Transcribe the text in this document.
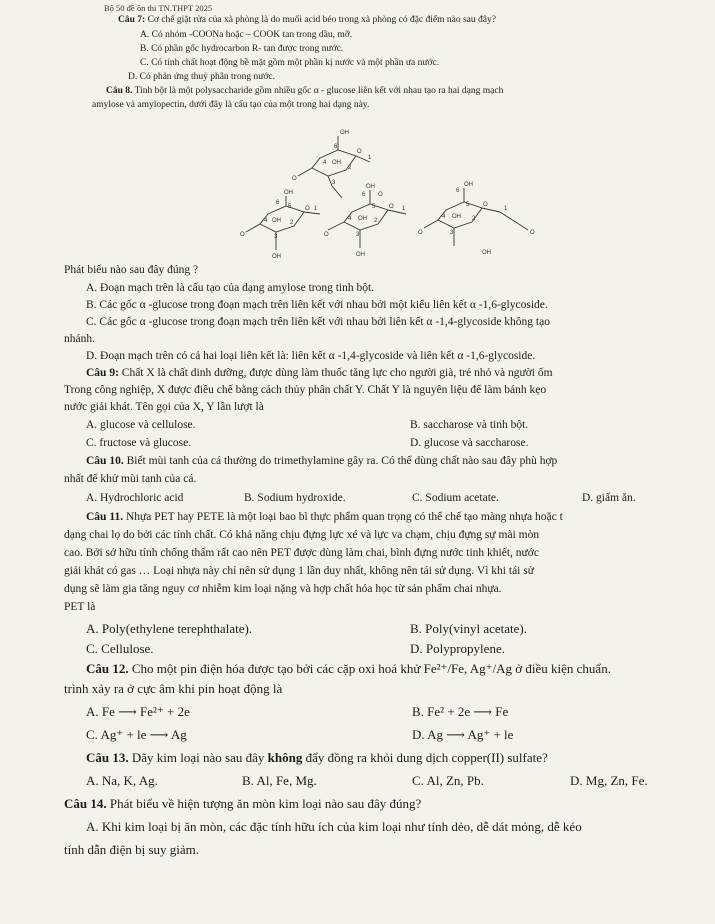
Bộ 50 đề ôn thi TN.THPT 2025
Câu 7: Cơ chế giặt rửa của xà phòng là do muối acid béo trong xà phòng có đặc điểm nào sau đây?
A. Có nhóm -COONa hoặc – COOK tan trong dầu, mỡ.
B. Có phần gốc hydrocarbon R- tan được trong nước.
C. Có tính chất hoạt động bề mặt gồm một phần kị nước và một phần ưa nước.
D. Có phản ứng thuỷ phân trong nước.
Câu 8. Tinh bột là một polysaccharide gồm nhiều gốc α - glucose liên kết với nhau tạo ra hai dạng mạch
amylose và amylopectin, dưới đây là cấu tạo của một trong hai dạng này.
OH
6
O
4 OH
2
3
1
O
OH
6
5 O
4 OH 2
3
1
OH
O
OH
6 O
5 O
4 OH 2
3
1
OH
O
OH
6
5 O
4 OH 2
3
1
OH
O	O
Phát biểu nào sau đây đúng ?
A. Đoạn mạch trên là cấu tạo của dạng amylose trong tinh bột.
B. Các gốc α -glucose trong đoạn mạch trên liên kết với nhau bởi một kiểu liên kết α -1,6-glycoside.
C. Các gốc α -glucose trong đoạn mạch trên liên kết với nhau bởi liên kết α -1,4-glycoside không tạo
nhánh.
D. Đoạn mạch trên có cả hai loại liên kết là: liên kết α -1,4-glycoside và liên kết α -1,6-glycoside.
Câu 9: Chất X là chất dinh dưỡng, được dùng làm thuốc tăng lực cho người già, trẻ nhỏ và người ốm
Trong công nghiệp, X được điều chế bằng cách thủy phân chất Y. Chất Y là nguyên liệu để làm bánh kẹo
nước giải khát. Tên gọi của X, Y lần lượt là
A. glucose và cellulose.	B. saccharose và tinh bột.
C. fructose và glucose.	D. glucose và saccharose.
Câu 10. Biết mùi tanh của cá thường do trimethylamine gây ra. Có thể dùng chất nào sau đây phù hợp
nhất để khử mùi tanh của cá.
A. Hydrochloric acid	B. Sodium hydroxide.	C. Sodium acetate.	D. giấm ăn.
Câu 11. Nhựa PET hay PETE là một loại bao bì thực phẩm quan trọng có thể chế tạo màng nhựa hoặc t
dạng chai lọ do bởi các tính chất. Có khả năng chịu đựng lực xé và lực va chạm, chịu đựng sự mài mòn
cao. Bởi sở hữu tính chống thấm rất cao nên PET được dùng làm chai, bình đựng nước tinh khiết, nước
giải khát có gas … Loại nhựa này chỉ nên sử dụng 1 lần duy nhất, không nên tái sử dụng. Vì khi tái sử
dụng sẽ làm gia tăng nguy cơ nhiễm kim loại nặng và hợp chất hóa học từ sản phẩm chai nhựa.
PET là
A. Poly(ethylene terephthalate).	B. Poly(vinyl acetate).
C. Cellulose.	D. Polypropylene.
Câu 12. Cho một pin điện hóa được tạo bởi các cặp oxi hoá khử Fe²⁺/Fe, Ag⁺/Ag ở điều kiện chuẩn.
trình xảy ra ở cực âm khi pin hoạt động là
A. Fe ⟶ Fe²⁺ + 2e	B. Fe² + 2e ⟶ Fe
C. Ag⁺ + le ⟶ Ag	D. Ag ⟶ Ag⁺ + le
Câu 13. Dãy kim loại nào sau đây không đẩy đồng ra khỏi dung dịch copper(II) sulfate?
A. Na, K, Ag.	B. Al, Fe, Mg.	C. Al, Zn, Pb.	D. Mg, Zn, Fe.
Câu 14. Phát biểu về hiện tượng ăn mòn kim loại nào sau đây đúng?
A. Khi kim loại bị ăn mòn, các đặc tính hữu ích của kim loại như tính dẻo, dễ dát mỏng, dễ kéo
tính dẫn điện bị suy giảm.
